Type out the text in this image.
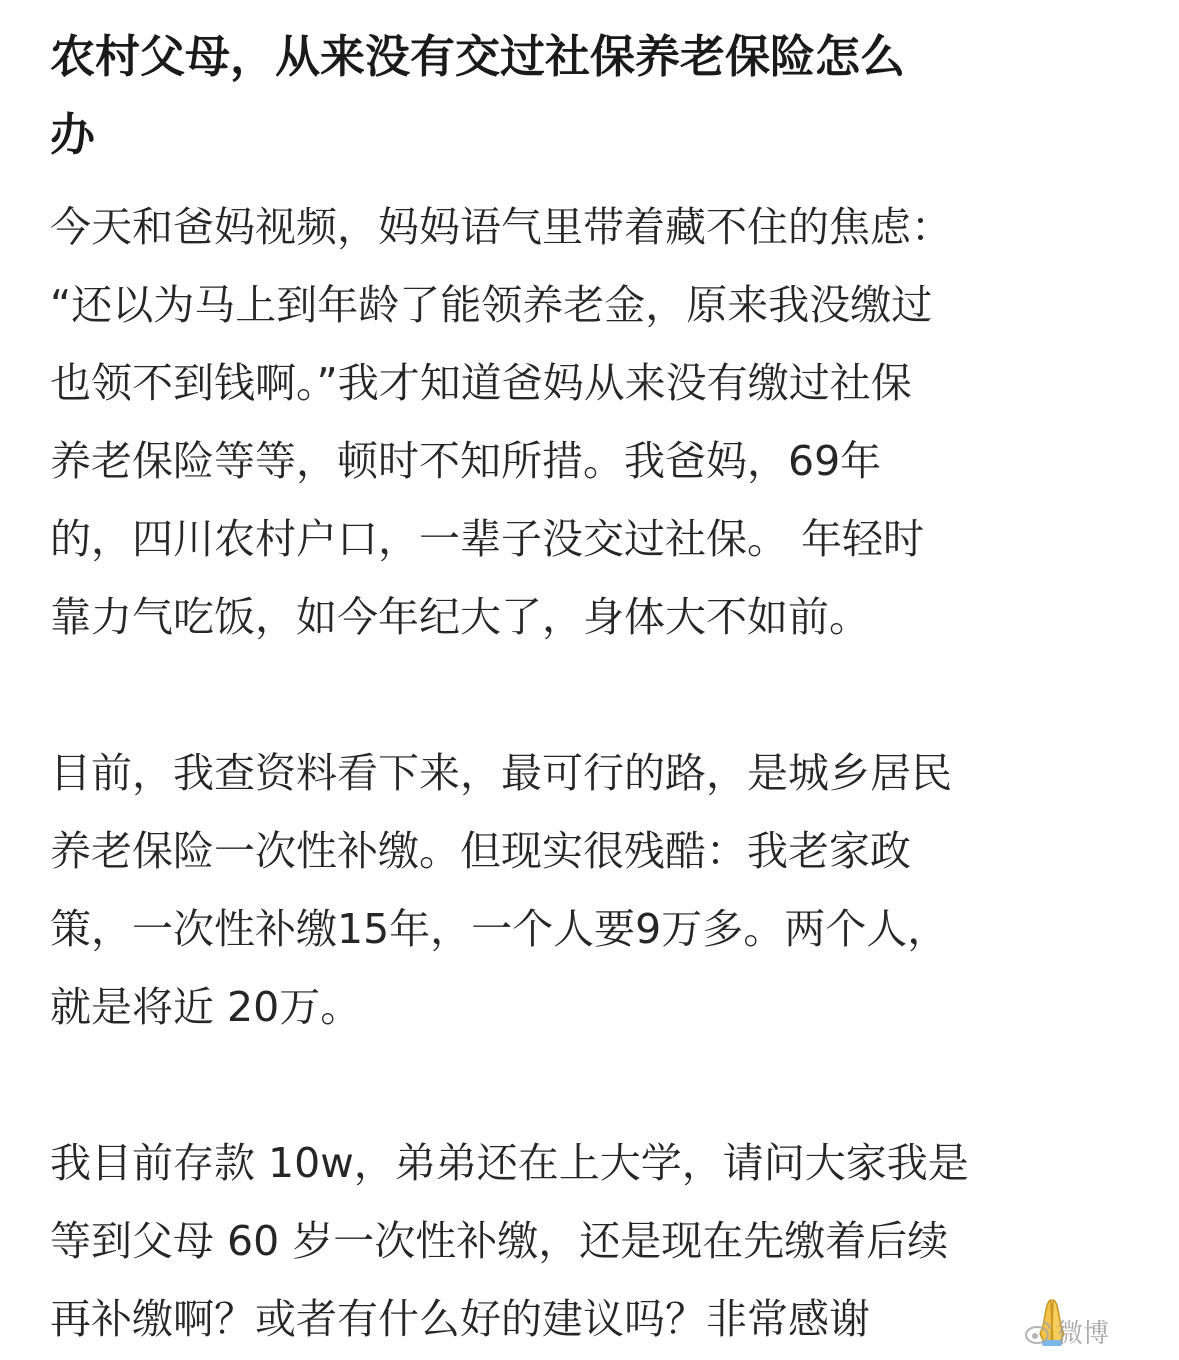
农村父母，从来没有交过社保养老保险怎么
办

今天和爸妈视频，妈妈语气里带着藏不住的焦虑：
“还以为马上到年龄了能领养老金，原来我没缴过
也领不到钱啊。”我才知道爸妈从来没有缴过社保
养老保险等等，顿时不知所措。我爸妈，69年
的，四川农村户口，一辈子没交过社保。 年轻时
靠力气吃饭，如今年纪大了，身体大不如前。

目前，我查资料看下来，最可行的路，是城乡居民
养老保险一次性补缴。但现实很残酷：我老家政
策，一次性补缴15年，一个人要9万多。两个人，
就是将近 20万。

我目前存款 10w，弟弟还在上大学，请问大家我是
等到父母 60 岁一次性补缴，还是现在先缴着后续
再补缴啊？或者有什么好的建议吗？非常感谢	微博
